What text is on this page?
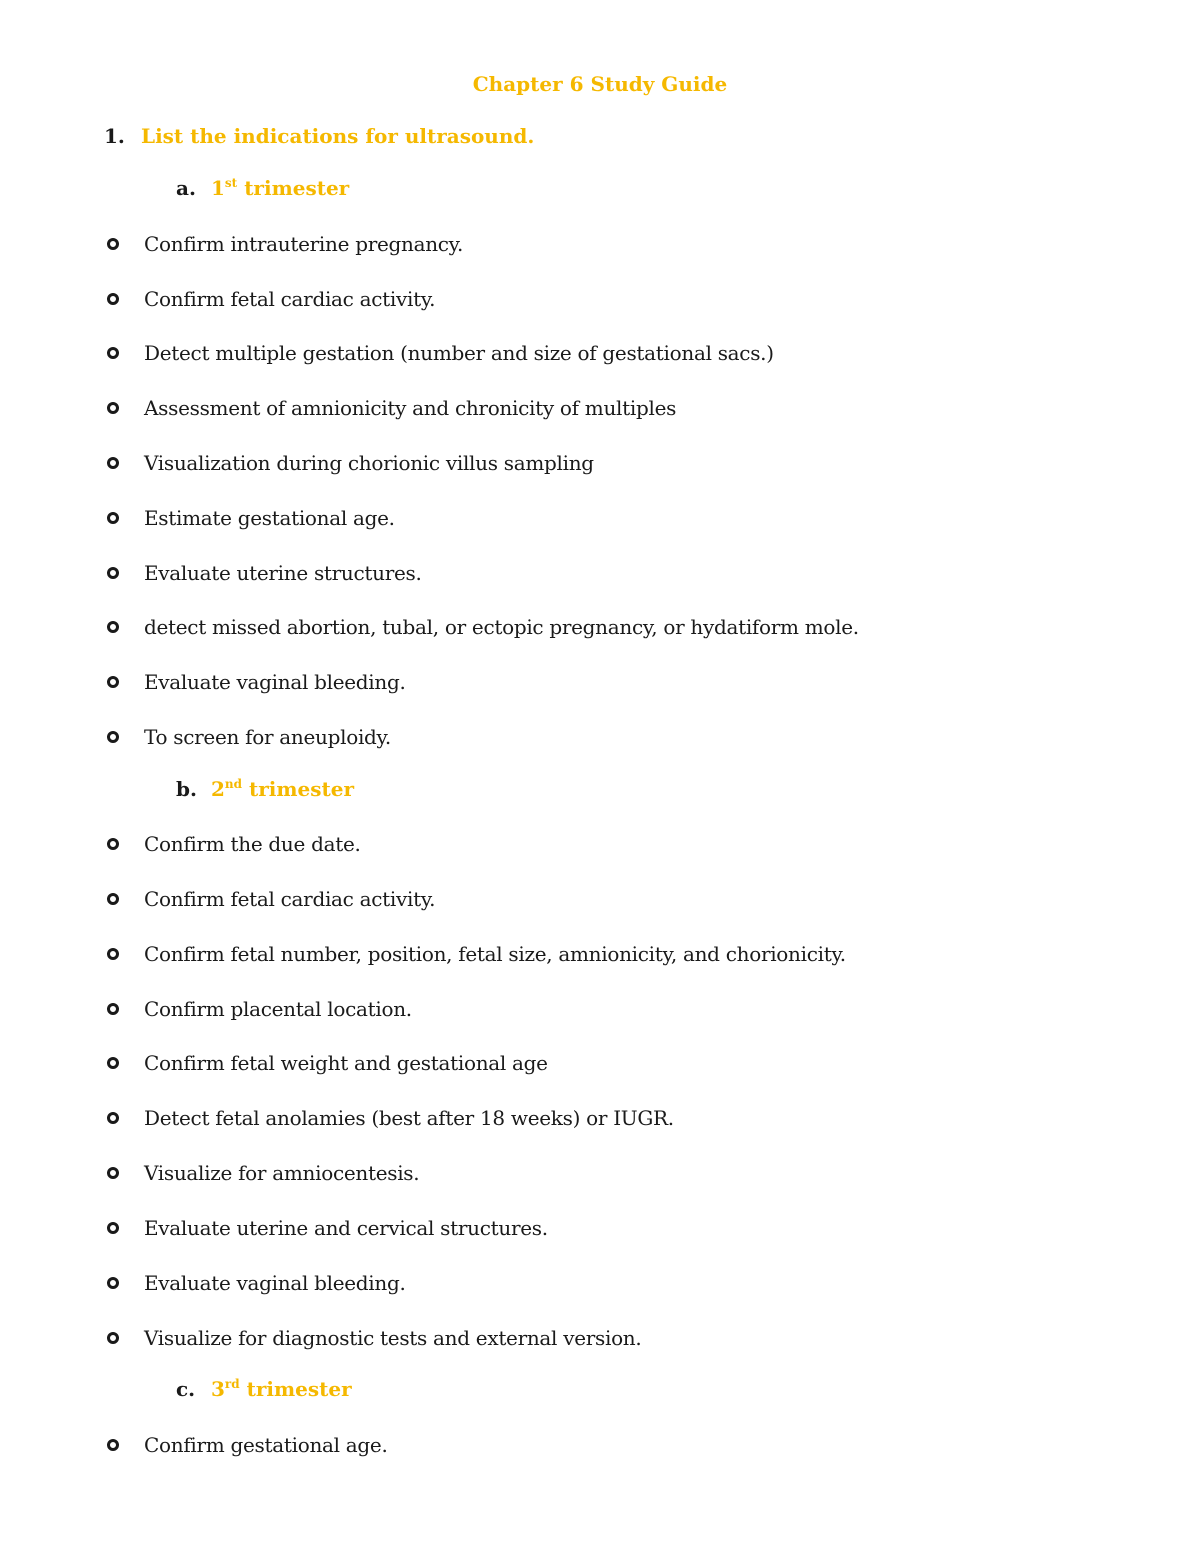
Chapter 6 Study Guide
1. List the indications for ultrasound.
a. 1st trimester
Confirm intrauterine pregnancy.
Confirm fetal cardiac activity.
Detect multiple gestation (number and size of gestational sacs.)
Assessment of amnionicity and chronicity of multiples
Visualization during chorionic villus sampling
Estimate gestational age.
Evaluate uterine structures.
detect missed abortion, tubal, or ectopic pregnancy, or hydatiform mole.
Evaluate vaginal bleeding.
To screen for aneuploidy.
b. 2nd trimester
Confirm the due date.
Confirm fetal cardiac activity.
Confirm fetal number, position, fetal size, amnionicity, and chorionicity.
Confirm placental location.
Confirm fetal weight and gestational age
Detect fetal anolamies (best after 18 weeks) or IUGR.
Visualize for amniocentesis.
Evaluate uterine and cervical structures.
Evaluate vaginal bleeding.
Visualize for diagnostic tests and external version.
c. 3rd trimester
Confirm gestational age.
